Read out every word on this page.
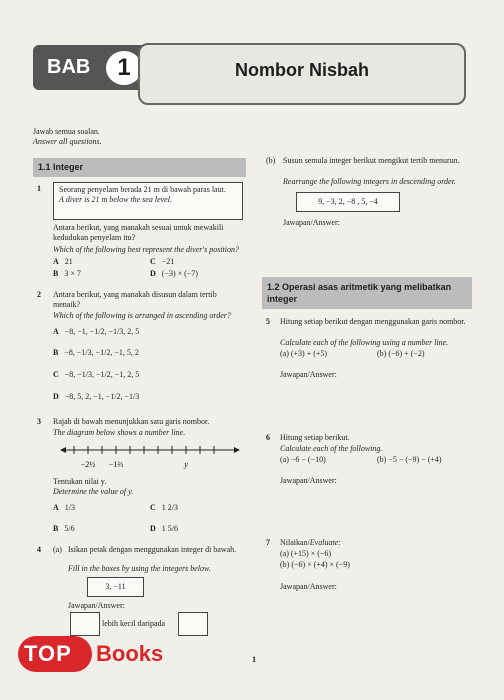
BAB	1	Nombor Nisbah
Jawab semua soalan.
Answer all questions.
1.1 Integer
1 Seorang penyelam berada 21 m di bawah paras laut.
A diver is 21 m below the sea level.
Antara berikut, yang manakah sesuai untuk mewakili kedudukan penyelam itu?
Which of the following best represent the diver's position?
A 21	C −21
B 3 × 7	D (−3) × (−7)
2 Antara berikut, yang manakah disusun dalam tertib menaik?
Which of the following is arranged in ascending order?
A −8, −1, −1/2, −1/3, 2, 5
B −8, −1/3, −1/2, −1, 5, 2
C −8, −1/3, −1/2, −1, 2, 5
D −8, 5, 2, −1, −1/2, −1/3
3 Rajah di bawah menunjukkan satu garis nombor.
The diagram below shows a number line.
−2½ −1⅔	y
Tentukan nilai y.
Determine the value of y.
A 1/3	C 1 2/3
B 5/6	D 1 5/6
4 (a) Isikan petak dengan menggunakan integer di bawah.
Fill in the boxes by using the integers below.
3, −11
Jawapan/Answer:
lebih kecil daripada
(b) Susun semula integer berikut mengikut tertib menurun.
Rearrange the following integers in descending order.
9, −3, 2, −8 , 5, −4
Jawapan/Answer:
1.2 Operasi asas aritmetik yang melibatkan integer
5 Hitung setiap berikut dengan menggunakan garis nombor.
Calculate each of the following using a number line.
(a) (+3) + (+5)	(b) (−6) + (−2)
Jawapan/Answer:
6 Hitung setiap berikut.
Calculate each of the following.
(a) −6 − (−10)	(b) −5 − (−9) − (+4)
Jawapan/Answer:
7 Nilaikan/Evaluate:
(a) (+15) × (−6)
(b) (−6) × (+4) × (−9)
Jawapan/Answer:
1
TOP Books
